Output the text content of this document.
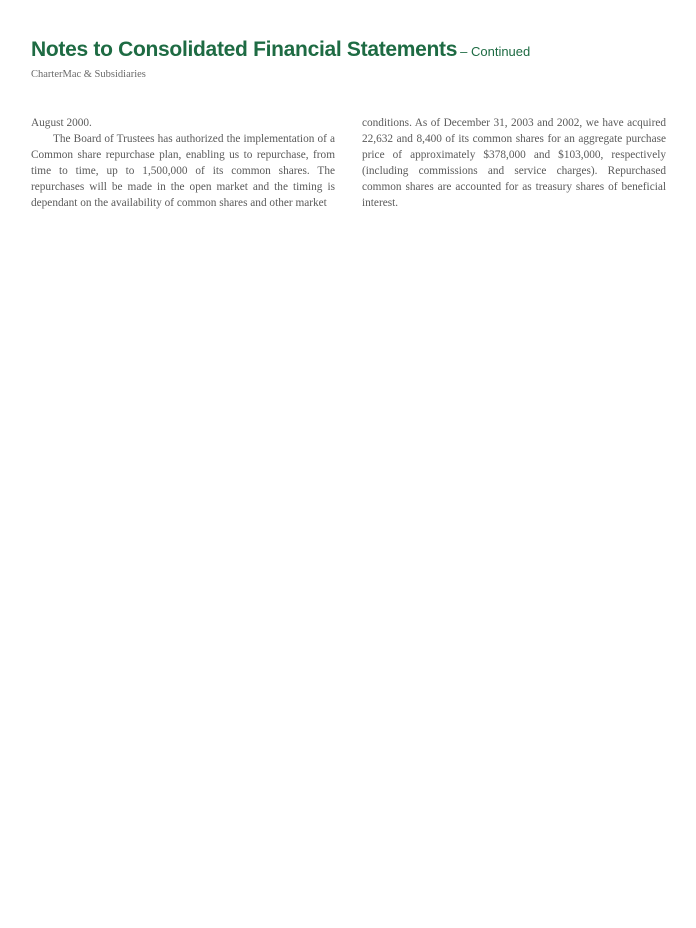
Notes to Consolidated Financial Statements – Continued
CharterMac & Subsidiaries

August 2000.

The Board of Trustees has authorized the implementation of a Common share repurchase plan, enabling us to repurchase, from time to time, up to 1,500,000 of its common shares. The repurchases will be made in the open market and the timing is dependant on the availability of common shares and other market

conditions. As of December 31, 2003 and 2002, we have acquired 22,632 and 8,400 of its common shares for an aggregate purchase price of approximately $378,000 and $103,000, respectively (including commissions and service charges). Repurchased common shares are accounted for as treasury shares of beneficial interest.
